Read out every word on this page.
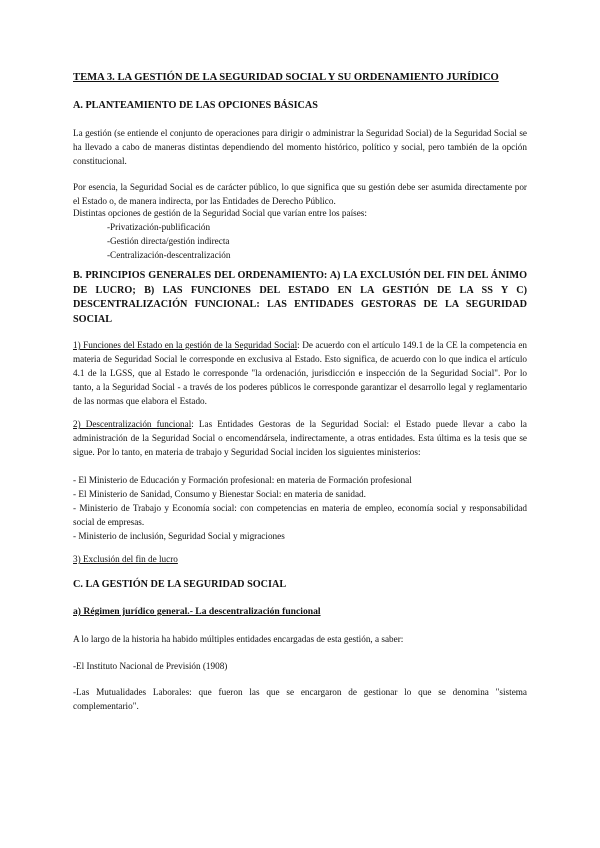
TEMA 3. LA GESTIÓN DE LA SEGURIDAD SOCIAL Y SU ORDENAMIENTO JURÍDICO
A. PLANTEAMIENTO DE LAS OPCIONES BÁSICAS
La gestión (se entiende el conjunto de operaciones para dirigir o administrar la Seguridad Social) de la Seguridad Social se ha llevado a cabo de maneras distintas dependiendo del momento histórico, político y social, pero también de la opción constitucional.
Por esencia, la Seguridad Social es de carácter público, lo que significa que su gestión debe ser asumida directamente por el Estado o, de manera indirecta, por las Entidades de Derecho Público.
Distintas opciones de gestión de la Seguridad Social que varían entre los países:
-Privatización-publificación
-Gestión directa/gestión indirecta
-Centralización-descentralización
B. PRINCIPIOS GENERALES DEL ORDENAMIENTO: A) LA EXCLUSIÓN DEL FIN DEL ÁNIMO DE LUCRO; B) LAS FUNCIONES DEL ESTADO EN LA GESTIÓN DE LA SS Y C) DESCENTRALIZACIÓN FUNCIONAL: LAS ENTIDADES GESTORAS DE LA SEGURIDAD SOCIAL
1) Funciones del Estado en la gestión de la Seguridad Social: De acuerdo con el artículo 149.1 de la CE la competencia en materia de Seguridad Social le corresponde en exclusiva al Estado. Esto significa, de acuerdo con lo que indica el artículo 4.1 de la LGSS, que al Estado le corresponde "la ordenación, jurisdicción e inspección de la Seguridad Social". Por lo tanto, a la Seguridad Social - a través de los poderes públicos le corresponde garantizar el desarrollo legal y reglamentario de las normas que elabora el Estado.
2) Descentralización funcional: Las Entidades Gestoras de la Seguridad Social: el Estado puede llevar a cabo la administración de la Seguridad Social o encomendársela, indirectamente, a otras entidades. Esta última es la tesis que se sigue. Por lo tanto, en materia de trabajo y Seguridad Social inciden los siguientes ministerios:
- El Ministerio de Educación y Formación profesional: en materia de Formación profesional
- El Ministerio de Sanidad, Consumo y Bienestar Social: en materia de sanidad.
- Ministerio de Trabajo y Economía social: con competencias en materia de empleo, economía social y responsabilidad social de empresas.
- Ministerio de inclusión, Seguridad Social y migraciones
3) Exclusión del fin de lucro
C. LA GESTIÓN DE LA SEGURIDAD SOCIAL
a) Régimen jurídico general.- La descentralización funcional
A lo largo de la historia ha habido múltiples entidades encargadas de esta gestión, a saber:
-El Instituto Nacional de Previsión (1908)
-Las Mutualidades Laborales: que fueron las que se encargaron de gestionar lo que se denomina "sistema complementario".
